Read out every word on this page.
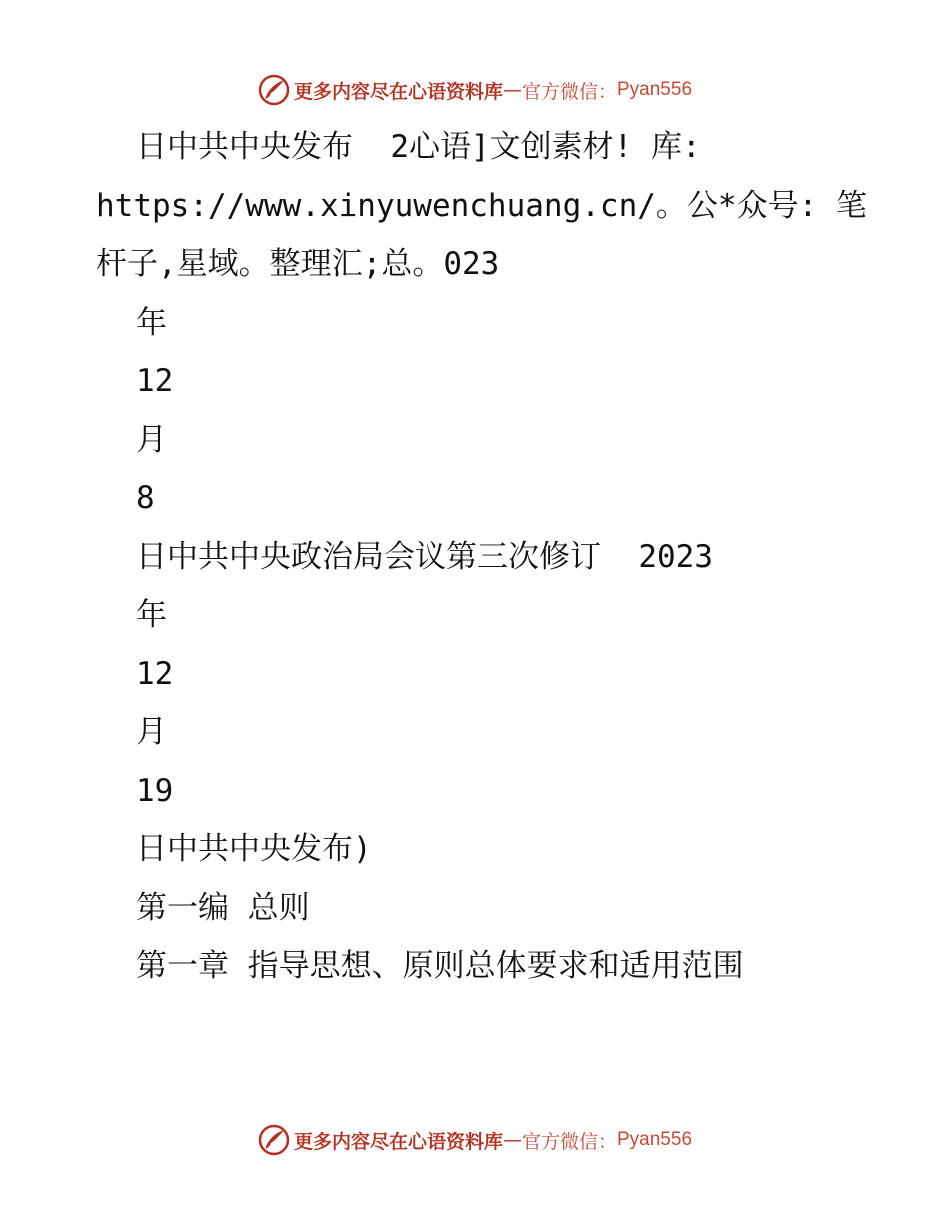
更多内容尽在心语资料库 — 官方微信： Pyan556
日中共中央发布  2心语]文创素材! 库:
https://www.xinyuwenchuang.cn/。公*众号: 笔
杆子,星域。整理汇;总。023
年
12
月
8
日中共中央政治局会议第三次修订  2023
年
12
月
19
日中共中央发布)
第一编 总则
第一章 指导思想、原则总体要求和适用范围
更多内容尽在心语资料库 — 官方微信： Pyan556
